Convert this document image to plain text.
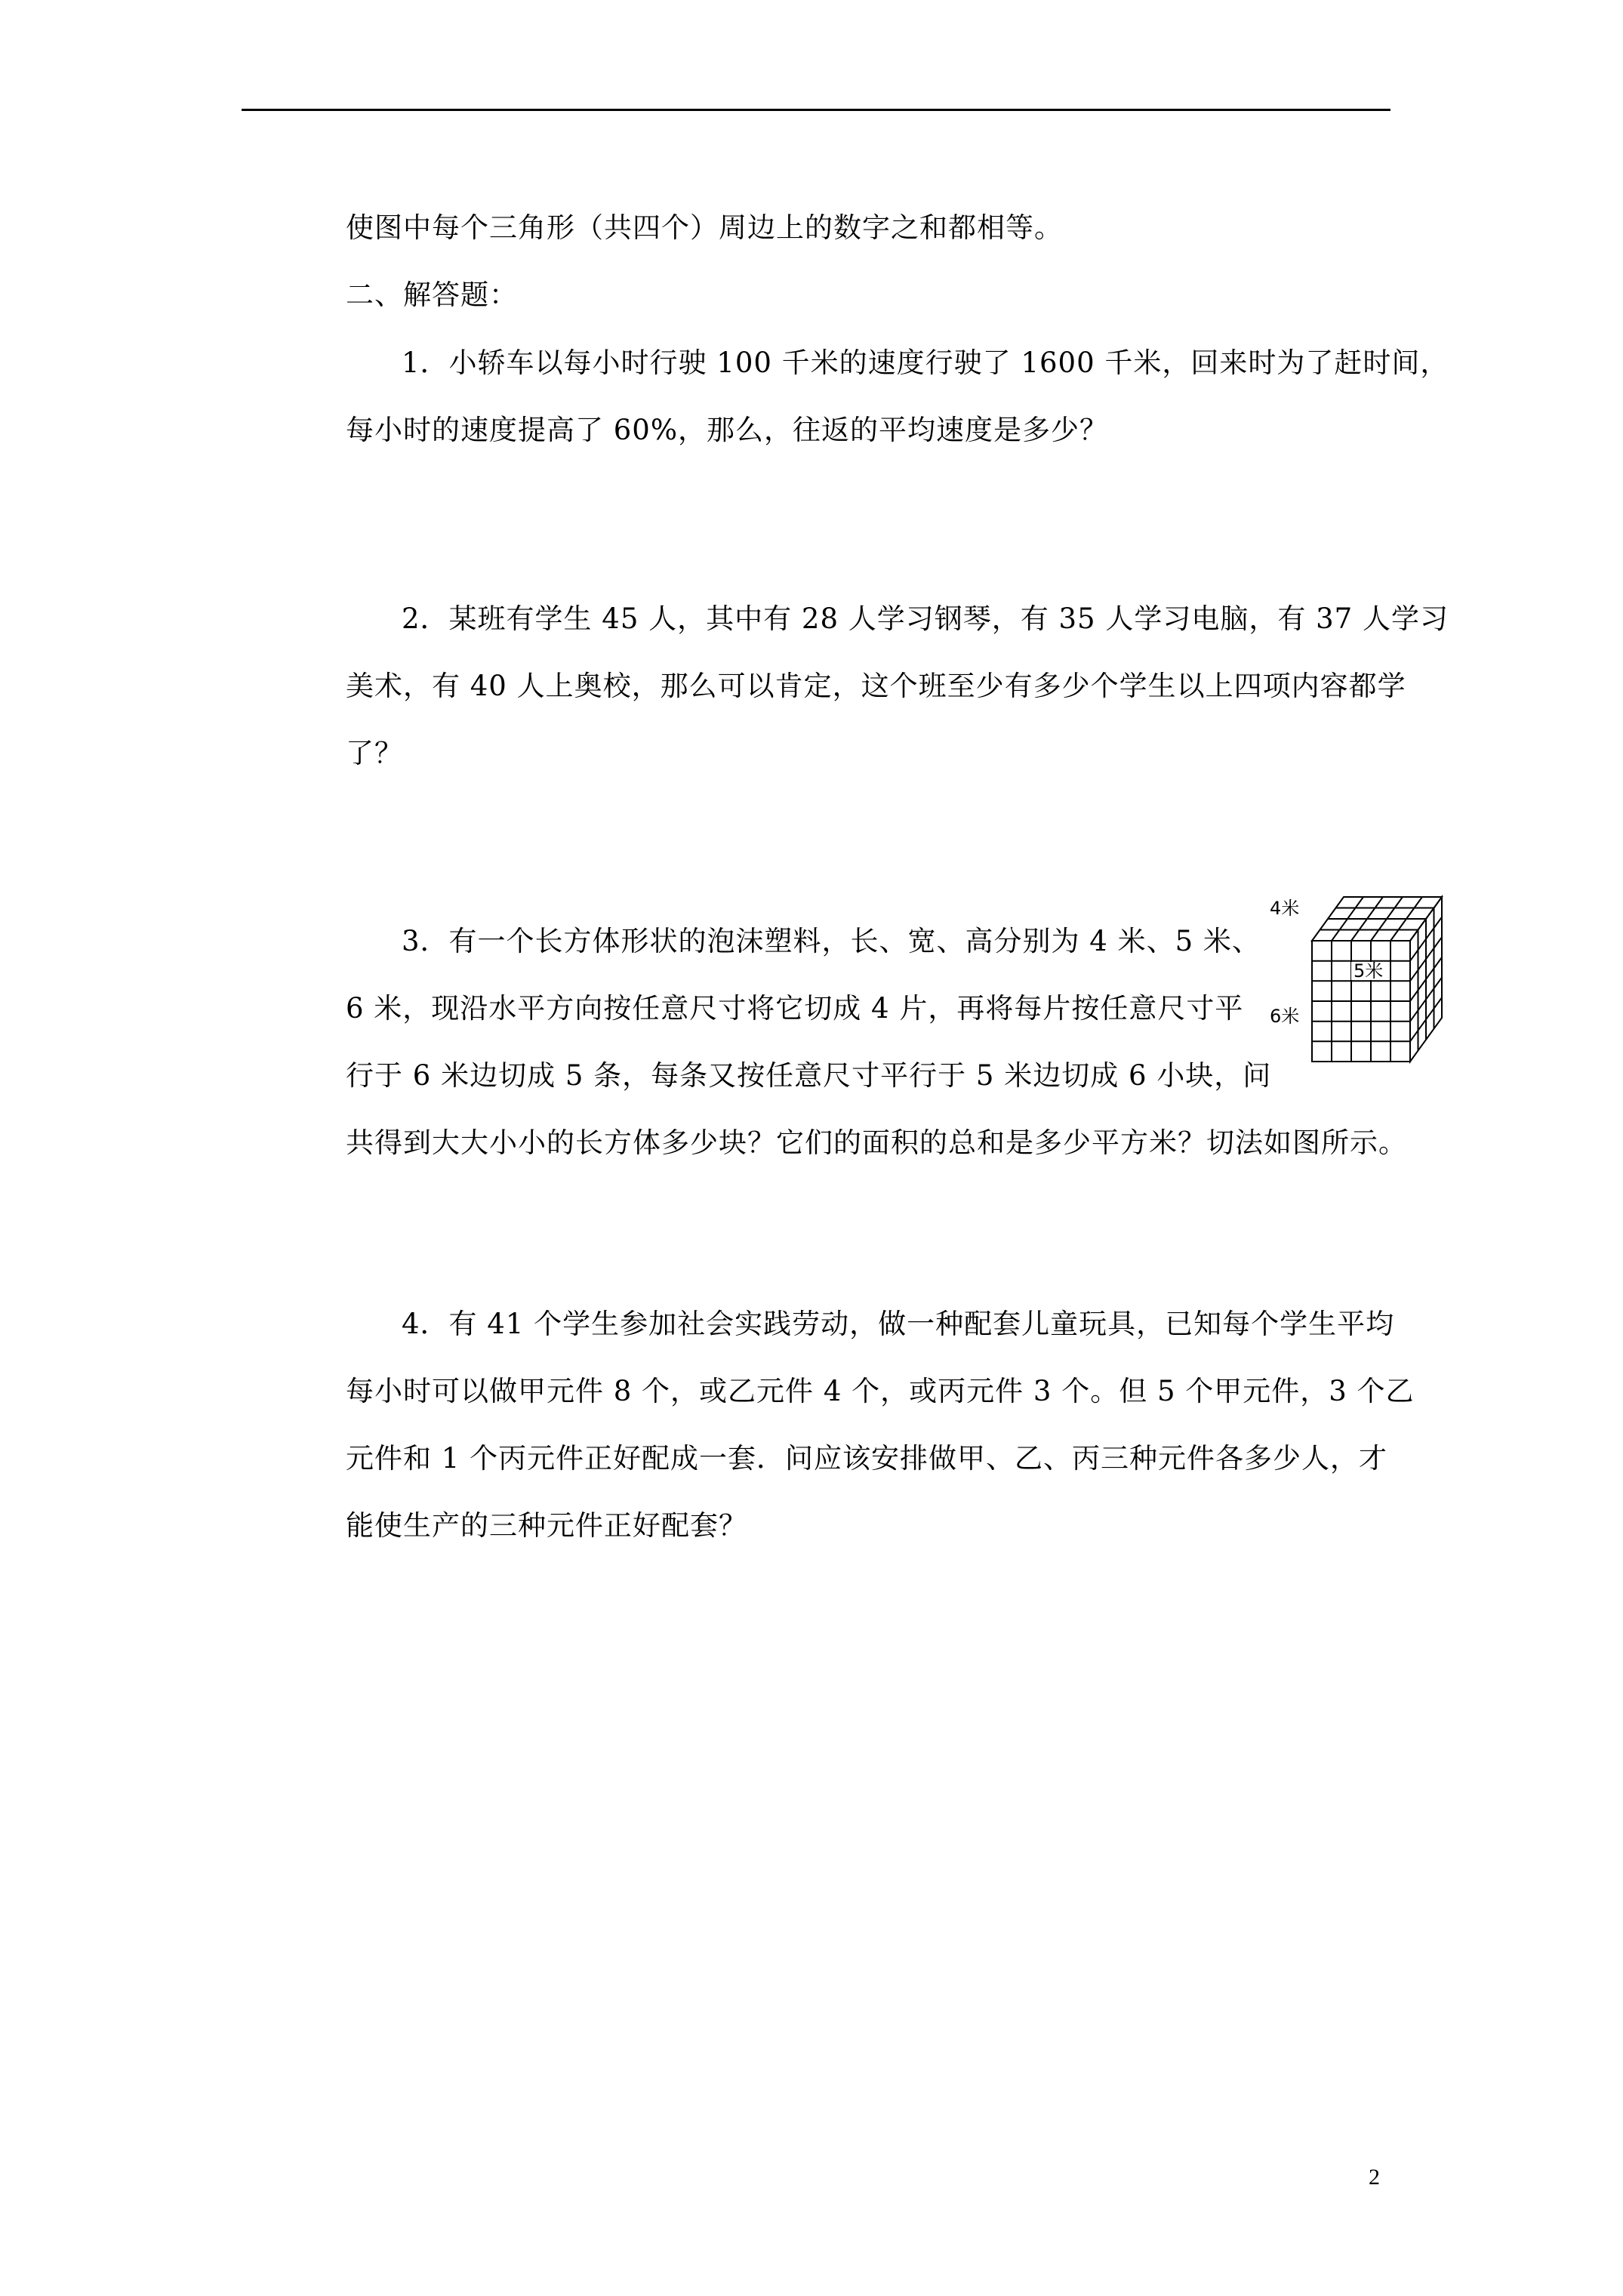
使图中每个三角形（共四个）周边上的数字之和都相等。
二、解答题：
1．小轿车以每小时行驶 100 千米的速度行驶了 1600 千米，回来时为了赶时间，
每小时的速度提高了 60%，那么，往返的平均速度是多少？
2．某班有学生 45 人，其中有 28 人学习钢琴，有 35 人学习电脑，有 37 人学习
美术，有 40 人上奥校，那么可以肯定，这个班至少有多少个学生以上四项内容都学
了？
3．有一个长方体形状的泡沫塑料，长、宽、高分别为 4 米、5 米、
6 米，现沿水平方向按任意尺寸将它切成 4 片，再将每片按任意尺寸平
行于 6 米边切成 5 条，每条又按任意尺寸平行于 5 米边切成 6 小块，问
共得到大大小小的长方体多少块？它们的面积的总和是多少平方米？切法如图所示。
5米
4米
6米
4．有 41 个学生参加社会实践劳动，做一种配套儿童玩具，已知每个学生平均
每小时可以做甲元件 8 个，或乙元件 4 个，或丙元件 3 个。但 5 个甲元件，3 个乙
元件和 1 个丙元件正好配成一套．问应该安排做甲、乙、丙三种元件各多少人，才
能使生产的三种元件正好配套？
2
